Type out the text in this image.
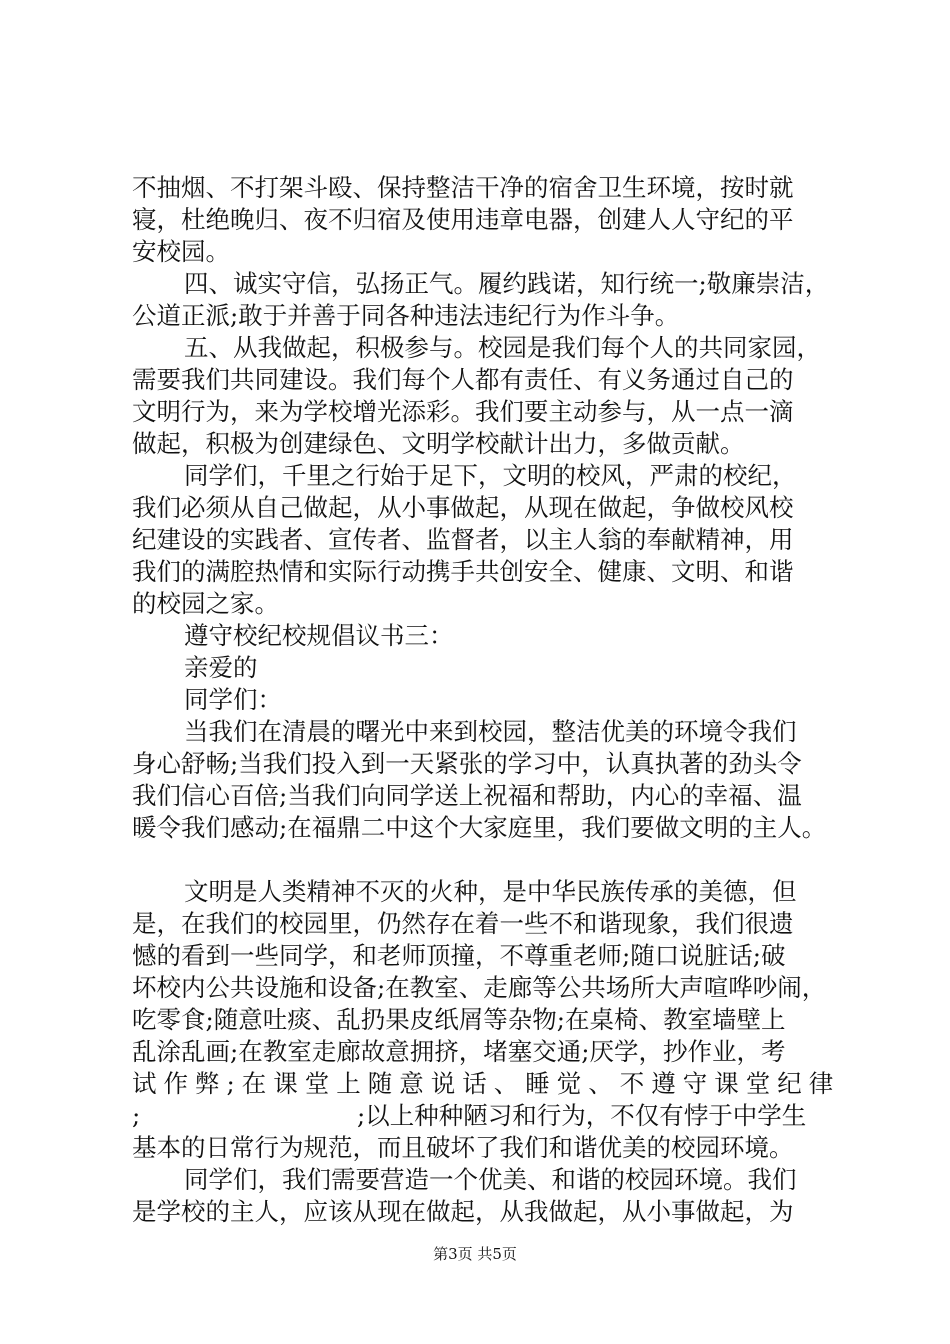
不抽烟、不打架斗殴、保持整洁干净的宿舍卫生环境，按时就
寝，杜绝晚归、夜不归宿及使用违章电器，创建人人守纪的平
安校园。
四、诚实守信，弘扬正气。履约践诺，知行统一;敬廉崇洁，
公道正派;敢于并善于同各种违法违纪行为作斗争。
五、从我做起，积极参与。校园是我们每个人的共同家园，
需要我们共同建设。我们每个人都有责任、有义务通过自己的
文明行为，来为学校增光添彩。我们要主动参与，从一点一滴
做起，积极为创建绿色、文明学校献计出力，多做贡献。
同学们，千里之行始于足下，文明的校风，严肃的校纪，
我们必须从自己做起，从小事做起，从现在做起，争做校风校
纪建设的实践者、宣传者、监督者，以主人翁的奉献精神，用
我们的满腔热情和实际行动携手共创安全、健康、文明、和谐
的校园之家。
遵守校纪校规倡议书三：
亲爱的
同学们：
当我们在清晨的曙光中来到校园，整洁优美的环境令我们
身心舒畅;当我们投入到一天紧张的学习中，认真执著的劲头令
我们信心百倍;当我们向同学送上祝福和帮助，内心的幸福、温
暖令我们感动;在福鼎二中这个大家庭里，我们要做文明的主人。
文明是人类精神不灭的火种，是中华民族传承的美德，但
是，在我们的校园里，仍然存在着一些不和谐现象，我们很遗
憾的看到一些同学，和老师顶撞，不尊重老师;随口说脏话;破
坏校内公共设施和设备;在教室、走廊等公共场所大声喧哗吵闹，
吃零食;随意吐痰、乱扔果皮纸屑等杂物;在桌椅、教室墙壁上
乱涂乱画;在教室走廊故意拥挤，堵塞交通;厌学，抄作业，考
试作弊;在课堂上随意说话、睡觉、不遵守课堂纪律
;	;以上种种陋习和行为，不仅有悖于中学生
基本的日常行为规范，而且破坏了我们和谐优美的校园环境。
同学们，我们需要营造一个优美、和谐的校园环境。我们
是学校的主人，应该从现在做起，从我做起，从小事做起，为
第3页 共5页
